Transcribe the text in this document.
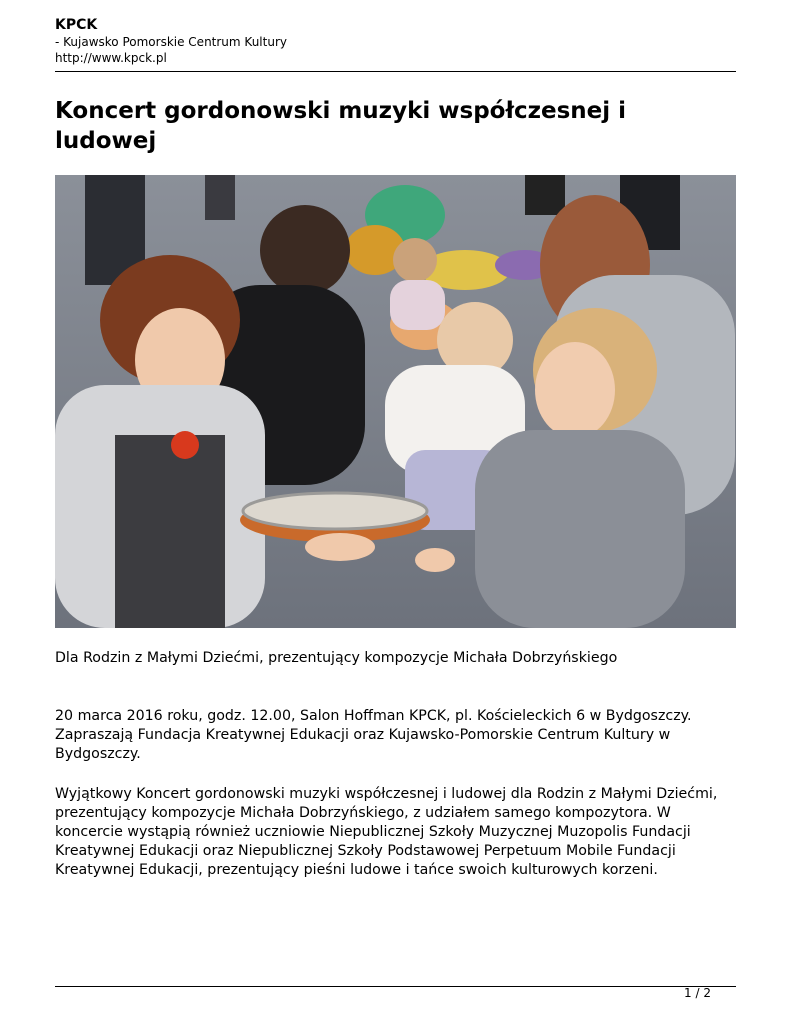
KPCK
- Kujawsko Pomorskie Centrum Kultury
http://www.kpck.pl
Koncert gordonowski muzyki współczesnej i ludowej

Dla Rodzin z Małymi Dziećmi, prezentujący kompozycje Michała Dobrzyńskiego

20 marca 2016 roku, godz. 12.00, Salon Hoffman KPCK, pl. Kościeleckich 6 w Bydgoszczy. Zapraszają Fundacja Kreatywnej Edukacji oraz Kujawsko-Pomorskie Centrum Kultury w Bydgoszczy.

Wyjątkowy Koncert gordonowski muzyki współczesnej i ludowej dla Rodzin z Małymi Dziećmi, prezentujący kompozycje Michała Dobrzyńskiego, z udziałem samego kompozytora. W koncercie wystąpią również uczniowie Niepublicznej Szkoły Muzycznej Muzopolis Fundacji Kreatywnej Edukacji oraz Niepublicznej Szkoły Podstawowej Perpetuum Mobile Fundacji Kreatywnej Edukacji, prezentujący pieśni ludowe i tańce swoich kulturowych korzeni.

1 / 2
